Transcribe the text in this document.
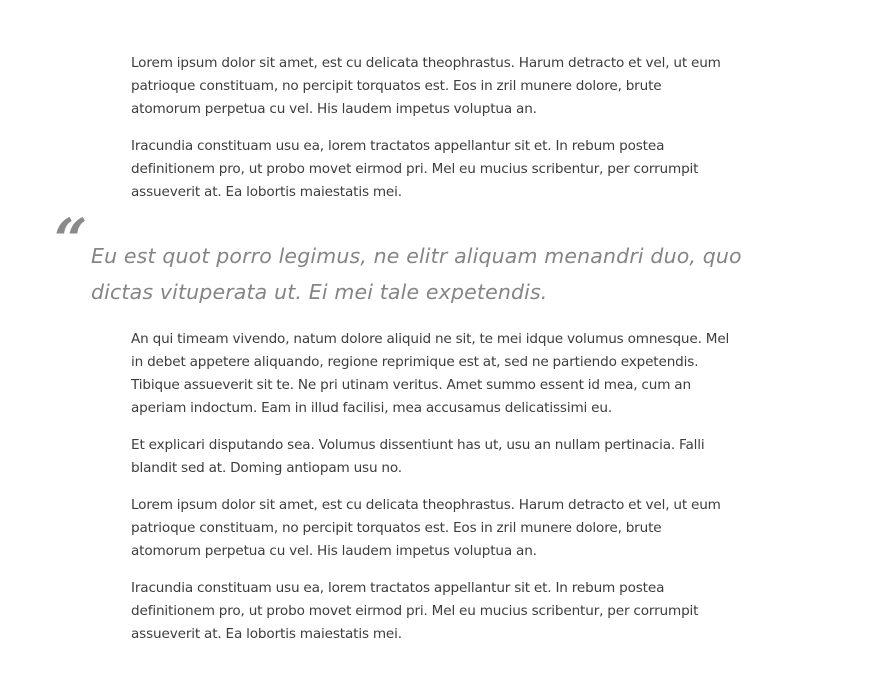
Lorem ipsum dolor sit amet, est cu delicata theophrastus. Harum detracto et vel, ut eum patrioque constituam, no percipit torquatos est. Eos in zril munere dolore, brute atomorum perpetua cu vel. His laudem impetus voluptua an.

Iracundia constituam usu ea, lorem tractatos appellantur sit et. In rebum postea definitionem pro, ut probo movet eirmod pri. Mel eu mucius scribentur, per corrumpit assueverit at. Ea lobortis maiestatis mei.

“ Eu est quot porro legimus, ne elitr aliquam menandri duo, quo dictas vituperata ut. Ei mei tale expetendis.

An qui timeam vivendo, natum dolore aliquid ne sit, te mei idque volumus omnesque. Mel in debet appetere aliquando, regione reprimique est at, sed ne partiendo expetendis. Tibique assueverit sit te. Ne pri utinam veritus. Amet summo essent id mea, cum an aperiam indoctum. Eam in illud facilisi, mea accusamus delicatissimi eu.

Et explicari disputando sea. Volumus dissentiunt has ut, usu an nullam pertinacia. Falli blandit sed at. Doming antiopam usu no.

Lorem ipsum dolor sit amet, est cu delicata theophrastus. Harum detracto et vel, ut eum patrioque constituam, no percipit torquatos est. Eos in zril munere dolore, brute atomorum perpetua cu vel. His laudem impetus voluptua an.

Iracundia constituam usu ea, lorem tractatos appellantur sit et. In rebum postea definitionem pro, ut probo movet eirmod pri. Mel eu mucius scribentur, per corrumpit assueverit at. Ea lobortis maiestatis mei.
